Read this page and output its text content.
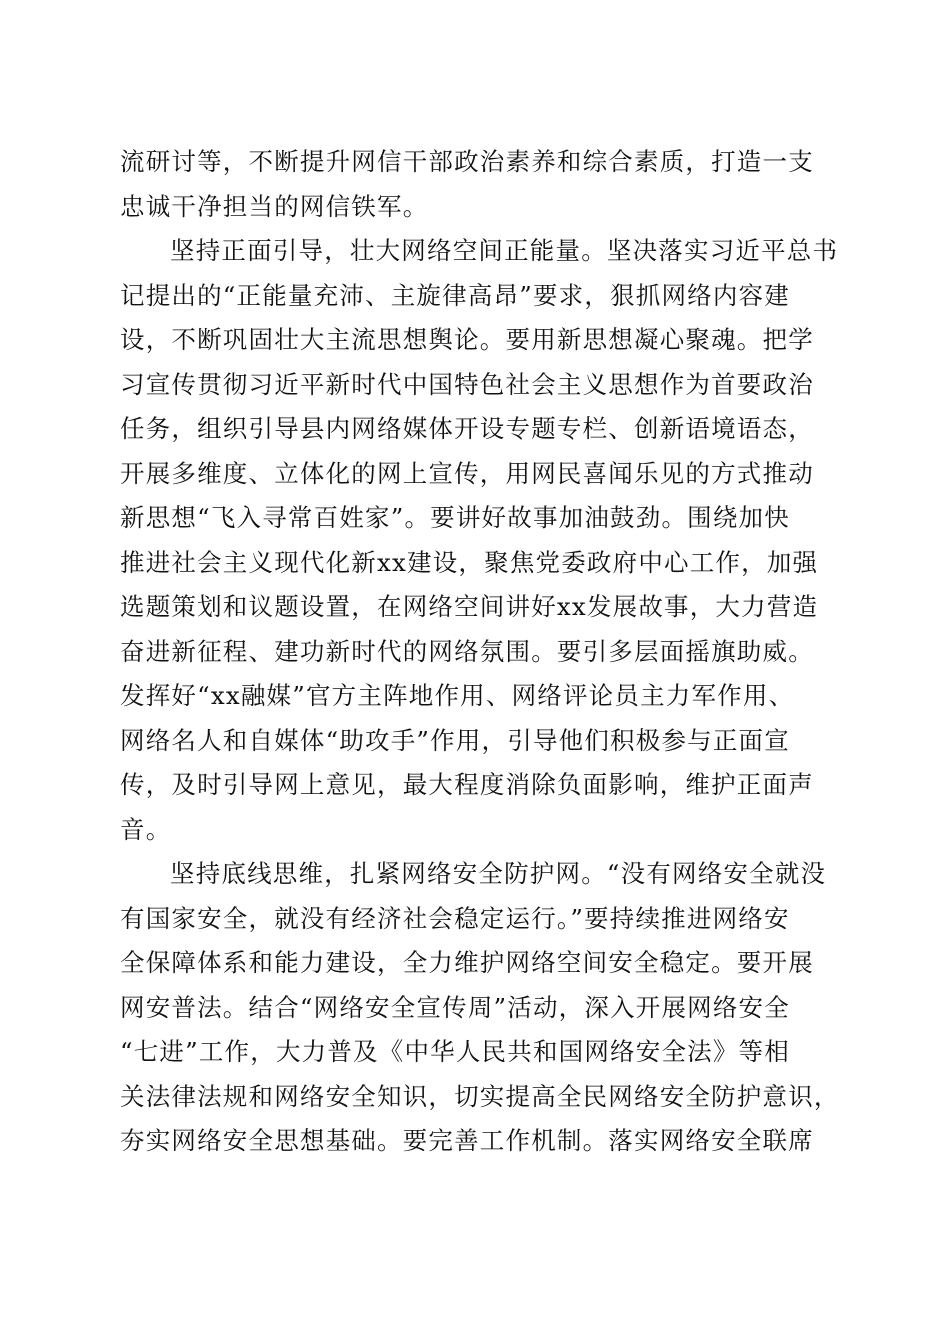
流研讨等，不断提升网信干部政治素养和综合素质，打造一支
忠诚干净担当的网信铁军。

坚持正面引导，壮大网络空间正能量。坚决落实习近平总书
记提出的“正能量充沛、主旋律高昂”要求，狠抓网络内容建
设，不断巩固壮大主流思想舆论。要用新思想凝心聚魂。把学
习宣传贯彻习近平新时代中国特色社会主义思想作为首要政治
任务，组织引导县内网络媒体开设专题专栏、创新语境语态，
开展多维度、立体化的网上宣传，用网民喜闻乐见的方式推动
新思想“飞入寻常百姓家”。要讲好故事加油鼓劲。围绕加快
推进社会主义现代化新xx建设，聚焦党委政府中心工作，加强
选题策划和议题设置，在网络空间讲好xx发展故事，大力营造
奋进新征程、建功新时代的网络氛围。要引多层面摇旗助威。
发挥好“xx融媒”官方主阵地作用、网络评论员主力军作用、
网络名人和自媒体“助攻手”作用，引导他们积极参与正面宣
传，及时引导网上意见，最大程度消除负面影响，维护正面声
音。

坚持底线思维，扎紧网络安全防护网。“没有网络安全就没
有国家安全，就没有经济社会稳定运行。”要持续推进网络安
全保障体系和能力建设，全力维护网络空间安全稳定。要开展
网安普法。结合“网络安全宣传周”活动，深入开展网络安全
“七进”工作，大力普及《中华人民共和国网络安全法》等相
关法律法规和网络安全知识，切实提高全民网络安全防护意识，
夯实网络安全思想基础。要完善工作机制。落实网络安全联席
